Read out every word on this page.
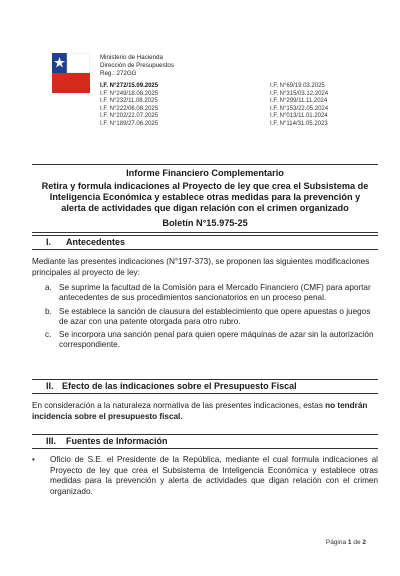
Ministerio de Hacienda
Dirección de Presupuestos
Reg.: 272GG
I.F. N°272/15.09.2025
I.F. N°249/18.08.2025
I.F. N°232/11.08.2025
I.F. N°222/06.08.2025
I.F. N°202/22.07.2025
I.F. N°189/27.06.2025
I.F. N°69/19.03.2025
I.F. N°315/03.12.2024
I.F. N°299/11.11.2024
I.F. N°153/22.05.2024
I.F. N°013/11.01.2024
I.F. N°114/31.05.2023
Informe Financiero Complementario
Retira y formula indicaciones al Proyecto de ley que crea el Subsistema de Inteligencia Económica y establece otras medidas para la prevención y alerta de actividades que digan relación con el crimen organizado
Boletín N°15.975-25
I. Antecedentes
Mediante las presentes indicaciones (N°197-373), se proponen las siguientes modificaciones principales al proyecto de ley:
a. Se suprime la facultad de la Comisión para el Mercado Financiero (CMF) para aportar antecedentes de sus procedimientos sancionatorios en un proceso penal.
b. Se establece la sanción de clausura del establecimiento que opere apuestas o juegos de azar con una patente otorgada para otro rubro.
c. Se incorpora una sanción penal para quien opere máquinas de azar sin la autorización correspondiente.
II. Efecto de las indicaciones sobre el Presupuesto Fiscal
En consideración a la naturaleza normativa de las presentes indicaciones, estas no tendrán incidencia sobre el presupuesto fiscal.
III. Fuentes de Información
• Oficio de S.E. el Presidente de la República, mediante el cual formula indicaciones al Proyecto de ley que crea el Subsistema de Inteligencia Económica y establece otras medidas para la prevención y alerta de actividades que digan relación con el crimen organizado.
Página 1 de 2
